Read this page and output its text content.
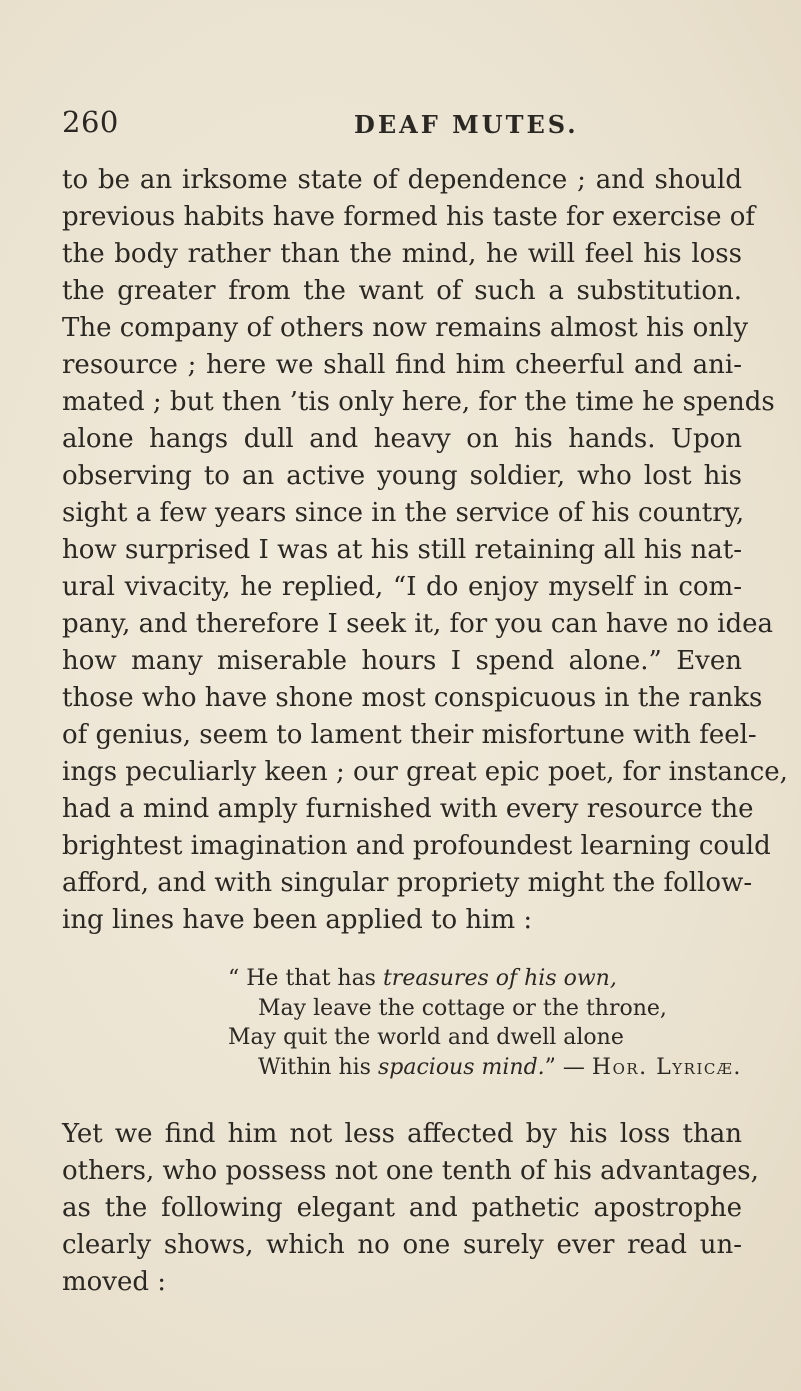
260	DEAF MUTES.
to be an irksome state of dependence ; and should
previous habits have formed his taste for exercise of
the body rather than the mind, he will feel his loss
the greater from the want of such a substitution.
The company of others now remains almost his only
resource ; here we shall find him cheerful and ani-
mated ; but then ’tis only here, for the time he spends
alone hangs dull and heavy on his hands. Upon
observing to an active young soldier, who lost his
sight a few years since in the service of his country,
how surprised I was at his still retaining all his nat-
ural vivacity, he replied, “I do enjoy myself in com-
pany, and therefore I seek it, for you can have no idea
how many miserable hours I spend alone.” Even
those who have shone most conspicuous in the ranks
of genius, seem to lament their misfortune with feel-
ings peculiarly keen ; our great epic poet, for instance,
had a mind amply furnished with every resource the
brightest imagination and profoundest learning could
afford, and with singular propriety might the follow-
ing lines have been applied to him :
“ He that has treasures of his own,
May leave the cottage or the throne,
May quit the world and dwell alone
Within his spacious mind.” — Hor. Lyricæ.
Yet we find him not less affected by his loss than
others, who possess not one tenth of his advantages,
as the following elegant and pathetic apostrophe
clearly shows, which no one surely ever read un-
moved :
